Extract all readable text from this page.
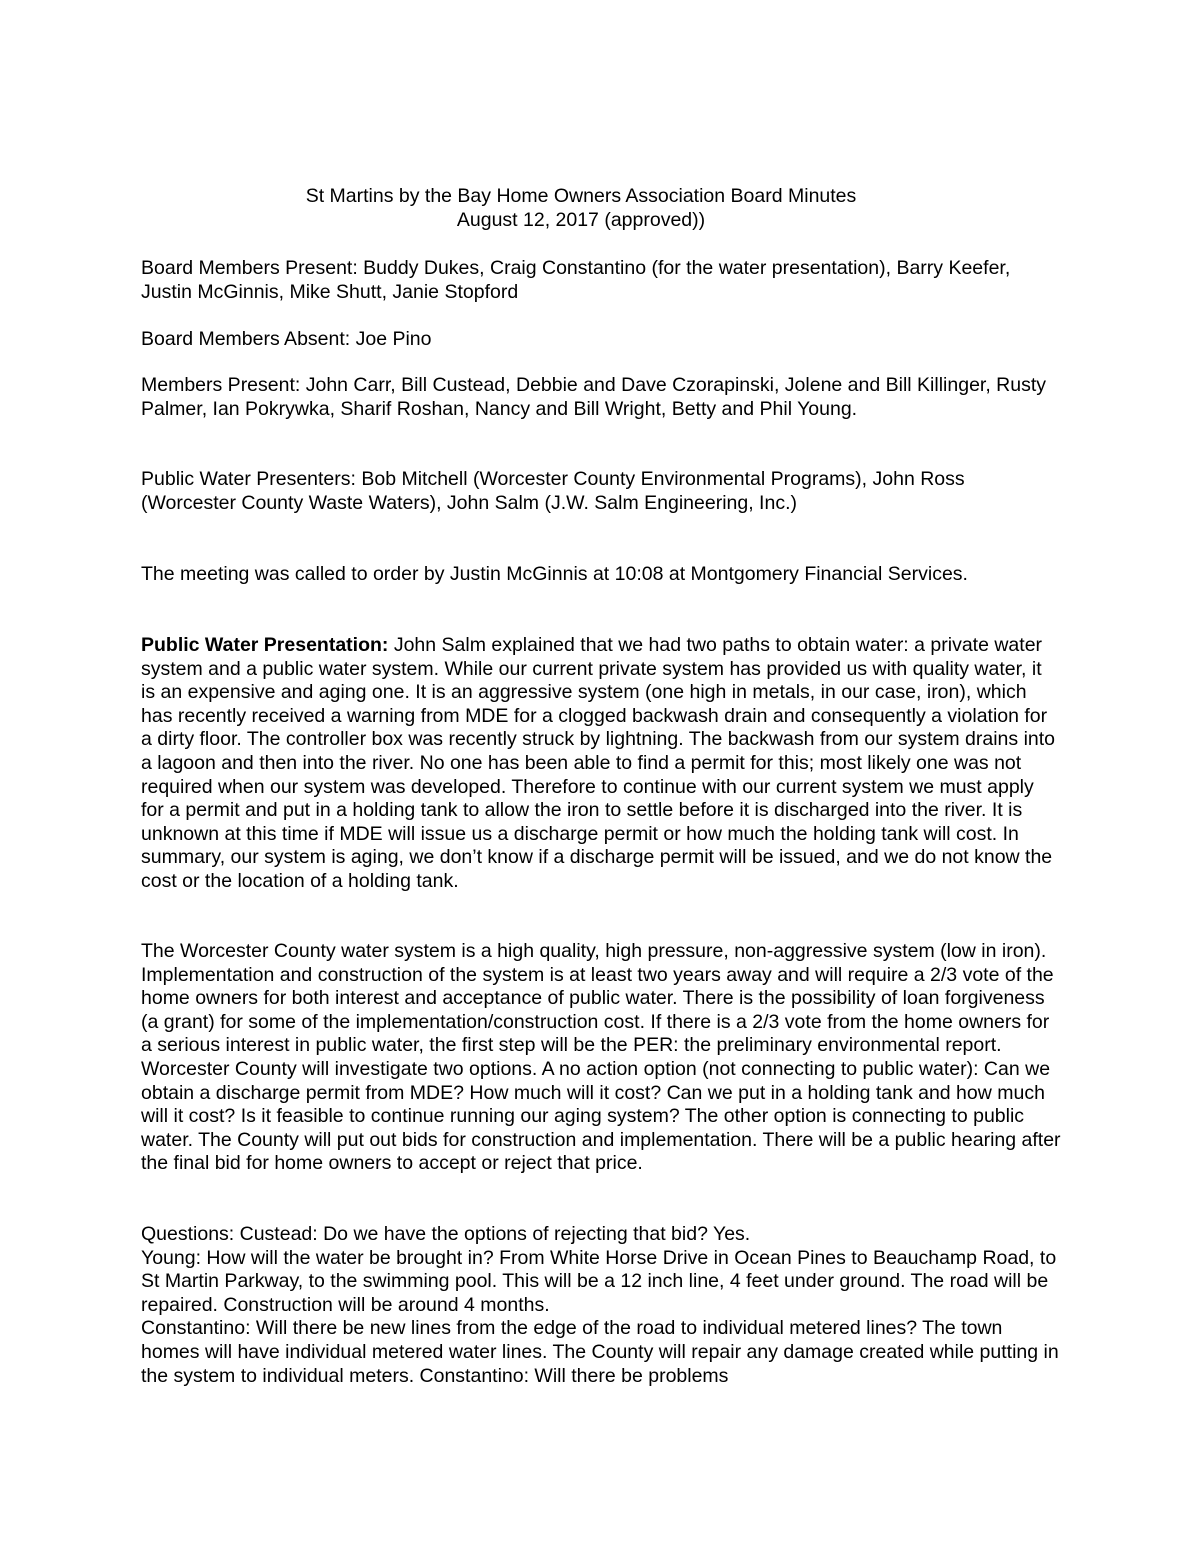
St Martins by the Bay Home Owners Association Board Minutes
August 12, 2017 (approved))

Board Members Present: Buddy Dukes, Craig Constantino (for the water presentation), Barry Keefer, Justin McGinnis, Mike Shutt, Janie Stopford

Board Members Absent: Joe Pino

Members Present: John Carr, Bill Custead, Debbie and Dave Czorapinski, Jolene and Bill Killinger, Rusty Palmer, Ian Pokrywka, Sharif Roshan, Nancy and Bill Wright, Betty and Phil Young.

Public Water Presenters: Bob Mitchell (Worcester County Environmental Programs), John Ross (Worcester County Waste Waters), John Salm (J.W. Salm Engineering, Inc.)

The meeting was called to order by Justin McGinnis at 10:08 at Montgomery Financial Services.

Public Water Presentation: John Salm explained that we had two paths to obtain water: a private water system and a public water system. While our current private system has provided us with quality water, it is an expensive and aging one. It is an aggressive system (one high in metals, in our case, iron), which has recently received a warning from MDE for a clogged backwash drain and consequently a violation for a dirty floor. The controller box was recently struck by lightning. The backwash from our system drains into a lagoon and then into the river. No one has been able to find a permit for this; most likely one was not required when our system was developed. Therefore to continue with our current system we must apply for a permit and put in a holding tank to allow the iron to settle before it is discharged into the river. It is unknown at this time if MDE will issue us a discharge permit or how much the holding tank will cost. In summary, our system is aging, we don’t know if a discharge permit will be issued, and we do not know the cost or the location of a holding tank.

The Worcester County water system is a high quality, high pressure, non-aggressive system (low in iron). Implementation and construction of the system is at least two years away and will require a 2/3 vote of the home owners for both interest and acceptance of public water. There is the possibility of loan forgiveness (a grant) for some of the implementation/construction cost. If there is a 2/3 vote from the home owners for a serious interest in public water, the first step will be the PER: the preliminary environmental report. Worcester County will investigate two options. A no action option (not connecting to public water): Can we obtain a discharge permit from MDE? How much will it cost? Can we put in a holding tank and how much will it cost? Is it feasible to continue running our aging system? The other option is connecting to public water. The County will put out bids for construction and implementation. There will be a public hearing after the final bid for home owners to accept or reject that price.

Questions: Custead: Do we have the options of rejecting that bid? Yes.
Young: How will the water be brought in? From White Horse Drive in Ocean Pines to Beauchamp Road, to St Martin Parkway, to the swimming pool. This will be a 12 inch line, 4 feet under ground. The road will be repaired. Construction will be around 4 months.
Constantino: Will there be new lines from the edge of the road to individual metered lines? The town homes will have individual metered water lines. The County will repair any damage created while putting in the system to individual meters. Constantino: Will there be problems
